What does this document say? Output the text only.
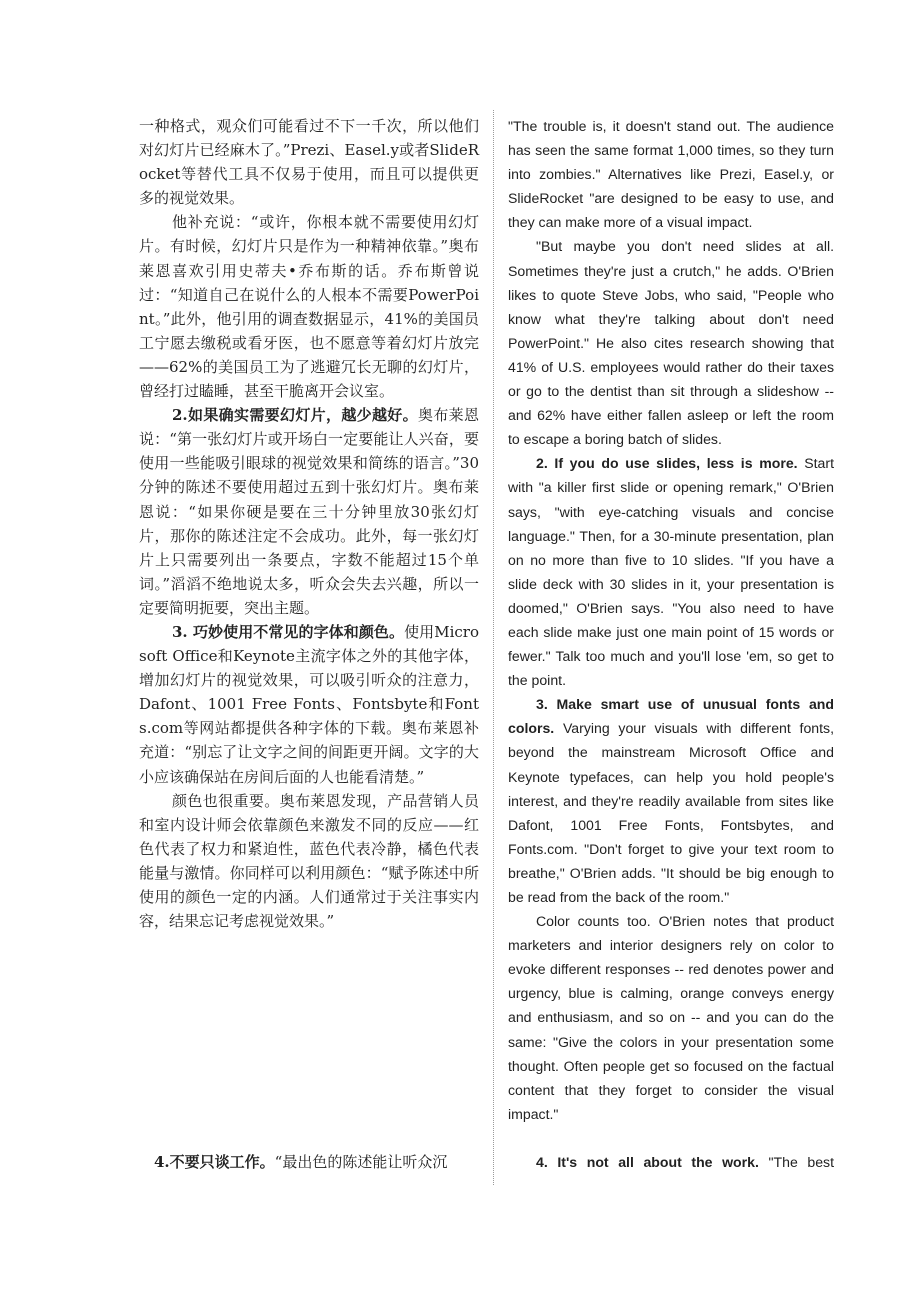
一种格式，观众们可能看过不下一千次，所以他们对幻灯片已经麻木了。”Prezi、Easel.y或者SlideRocket等替代工具不仅易于使用，而且可以提供更多的视觉效果。

他补充说：“或许，你根本就不需要使用幻灯片。有时候，幻灯片只是作为一种精神依靠。”奥布莱恩喜欢引用史蒂夫•乔布斯的话。乔布斯曾说过：“知道自己在说什么的人根本不需要PowerPoint。”此外，他引用的调查数据显示，41%的美国员工宁愿去缴税或看牙医，也不愿意等着幻灯片放完——62%的美国员工为了逃避冗长无聊的幻灯片，曾经打过瞌睡，甚至干脆离开会议室。

2.如果确实需要幻灯片，越少越好。奥布莱恩说：“第一张幻灯片或开场白一定要能让人兴奋，要使用一些能吸引眼球的视觉效果和简练的语言。”30分钟的陈述不要使用超过五到十张幻灯片。奥布莱恩说：“如果你硬是要在三十分钟里放30张幻灯片，那你的陈述注定不会成功。此外，每一张幻灯片上只需要列出一条要点，字数不能超过15个单词。”滔滔不绝地说太多，听众会失去兴趣，所以一定要简明扼要，突出主题。

3. 巧妙使用不常见的字体和颜色。使用Microsoft Office和Keynote主流字体之外的其他字体，增加幻灯片的视觉效果，可以吸引听众的注意力，Dafont、1001 Free Fonts、Fontsbyte和Fonts.com等网站都提供各种字体的下载。奥布莱恩补充道：“别忘了让文字之间的间距更开阔。文字的大小应该确保站在房间后面的人也能看清楚。”

颜色也很重要。奥布莱恩发现，产品营销人员和室内设计师会依靠颜色来激发不同的反应——红色代表了权力和紧迫性，蓝色代表冷静，橘色代表能量与激情。你同样可以利用颜色：“赋予陈述中所使用的颜色一定的内涵。人们通常过于关注事实内容，结果忘记考虑视觉效果。”

"The trouble is, it doesn't stand out. The audience has seen the same format 1,000 times, so they turn into zombies." Alternatives like Prezi, Easel.y, or SlideRocket "are designed to be easy to use, and they can make more of a visual impact.

"But maybe you don't need slides at all. Sometimes they're just a crutch," he adds. O'Brien likes to quote Steve Jobs, who said, "People who know what they're talking about don't need PowerPoint." He also cites research showing that 41% of U.S. employees would rather do their taxes or go to the dentist than sit through a slideshow -- and 62% have either fallen asleep or left the room to escape a boring batch of slides.

2. If you do use slides, less is more. Start with "a killer first slide or opening remark," O'Brien says, "with eye-catching visuals and concise language." Then, for a 30-minute presentation, plan on no more than five to 10 slides. "If you have a slide deck with 30 slides in it, your presentation is doomed," O'Brien says. "You also need to have each slide make just one main point of 15 words or fewer." Talk too much and you'll lose 'em, so get to the point.

3. Make smart use of unusual fonts and colors. Varying your visuals with different fonts, beyond the mainstream Microsoft Office and Keynote typefaces, can help you hold people's interest, and they're readily available from sites like Dafont, 1001 Free Fonts, Fontsbytes, and Fonts.com. "Don't forget to give your text room to breathe," O'Brien adds. "It should be big enough to be read from the back of the room."

Color counts too. O'Brien notes that product marketers and interior designers rely on color to evoke different responses -- red denotes power and urgency, blue is calming, orange conveys energy and enthusiasm, and so on -- and you can do the same: "Give the colors in your presentation some thought. Often people get so focused on the factual content that they forget to consider the visual impact."

4.不要只谈工作。“最出色的陈述能让听众沉	4. It's not all about the work. "The best
